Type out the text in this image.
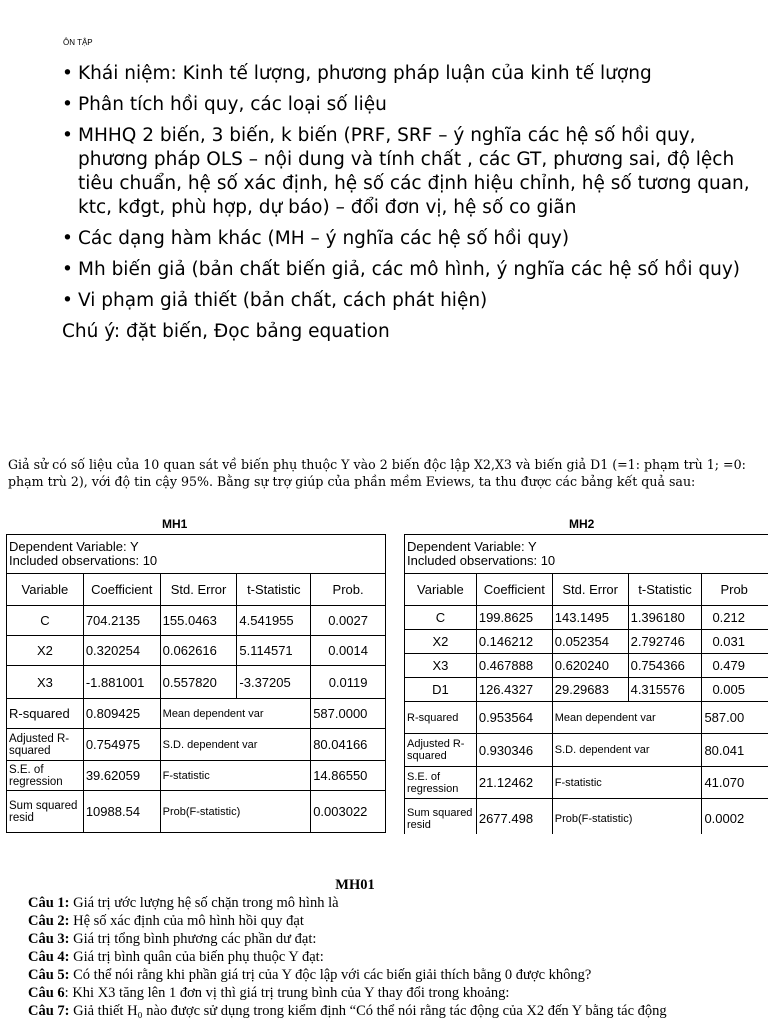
ÔN TẬP
• Khái niệm: Kinh tế lượng, phương pháp luận của kinh tế lượng
• Phân tích hồi quy, các loại số liệu
• MHHQ 2 biến, 3 biến, k biến (PRF, SRF – ý nghĩa các hệ số hồi quy, phương pháp OLS – nội dung và tính chất , các GT, phương sai, độ lệch tiêu chuẩn, hệ số xác định, hệ số các định hiệu chỉnh, hệ số tương quan, ktc, kđgt, phù hợp, dự báo) – đổi đơn vị, hệ số co giãn
• Các dạng hàm khác (MH – ý nghĩa các hệ số hồi quy)
• Mh biến giả (bản chất biến giả, các mô hình, ý nghĩa các hệ số hồi quy)
• Vi phạm giả thiết (bản chất, cách phát hiện)
Chú ý: đặt biến, Đọc bảng equation
Giả sử có số liệu của 10 quan sát về biến phụ thuộc Y vào 2 biến độc lập X2,X3 và biến giả D1 (=1: phạm trù 1; =0: phạm trù 2), với độ tin cậy 95%. Bằng sự trợ giúp của phần mềm Eviews, ta thu được các bảng kết quả sau:
MH1	MH2
Dependent Variable: Y
Included observations: 10				

Variable	Coefficient	Std. Error	t-Statistic	Prob.
C	704.2135	155.0463	4.541955	0.0027
X2	0.320254	0.062616	5.114571	0.0014
X3	-1.881001	0.557820	-3.37205	0.0119
R-squared	0.809425	Mean dependent var		587.0000
Adjusted R-squared	0.754975	S.D. dependent var		80.04166
S.E. of regression	39.62059	F-statistic		14.86550
Sum squared resid	10988.54	Prob(F-statistic)		0.003022
Dependent Variable: Y
Included observations: 10				

Variable	Coefficient	Std. Error	t-Statistic	Prob
C	199.8625	143.1495	1.396180	0.212
X2	0.146212	0.052354	2.792746	0.031
X3	0.467888	0.620240	0.754366	0.479
D1	126.4327	29.29683	4.315576	0.005
R-squared	0.953564	Mean dependent var		587.00
Adjusted R-squared	0.930346	S.D. dependent var		80.041
S.E. of regression	21.12462	F-statistic		41.070
Sum squared resid	2677.498	Prob(F-statistic)		0.0002
MH01

Câu 1: Giá trị ước lượng hệ số chặn trong mô hình là

Câu 2: Hệ số xác định của mô hình hồi quy đạt

Câu 3: Giá trị tổng bình phương các phần dư đạt:

Câu 4: Giá trị bình quân của biến phụ thuộc Y đạt:

Câu 5: Có thể nói rằng khi phần giá trị của Y độc lập với các biến giải thích bằng 0 được không?

Câu 6: Khi X3 tăng lên 1 đơn vị thì giá trị trung bình của Y thay đổi trong khoảng:

Câu 7: Giả thiết H₀ nào được sử dụng trong kiểm định “Có thể nói rằng tác động của X2 đến Y bằng tác động
